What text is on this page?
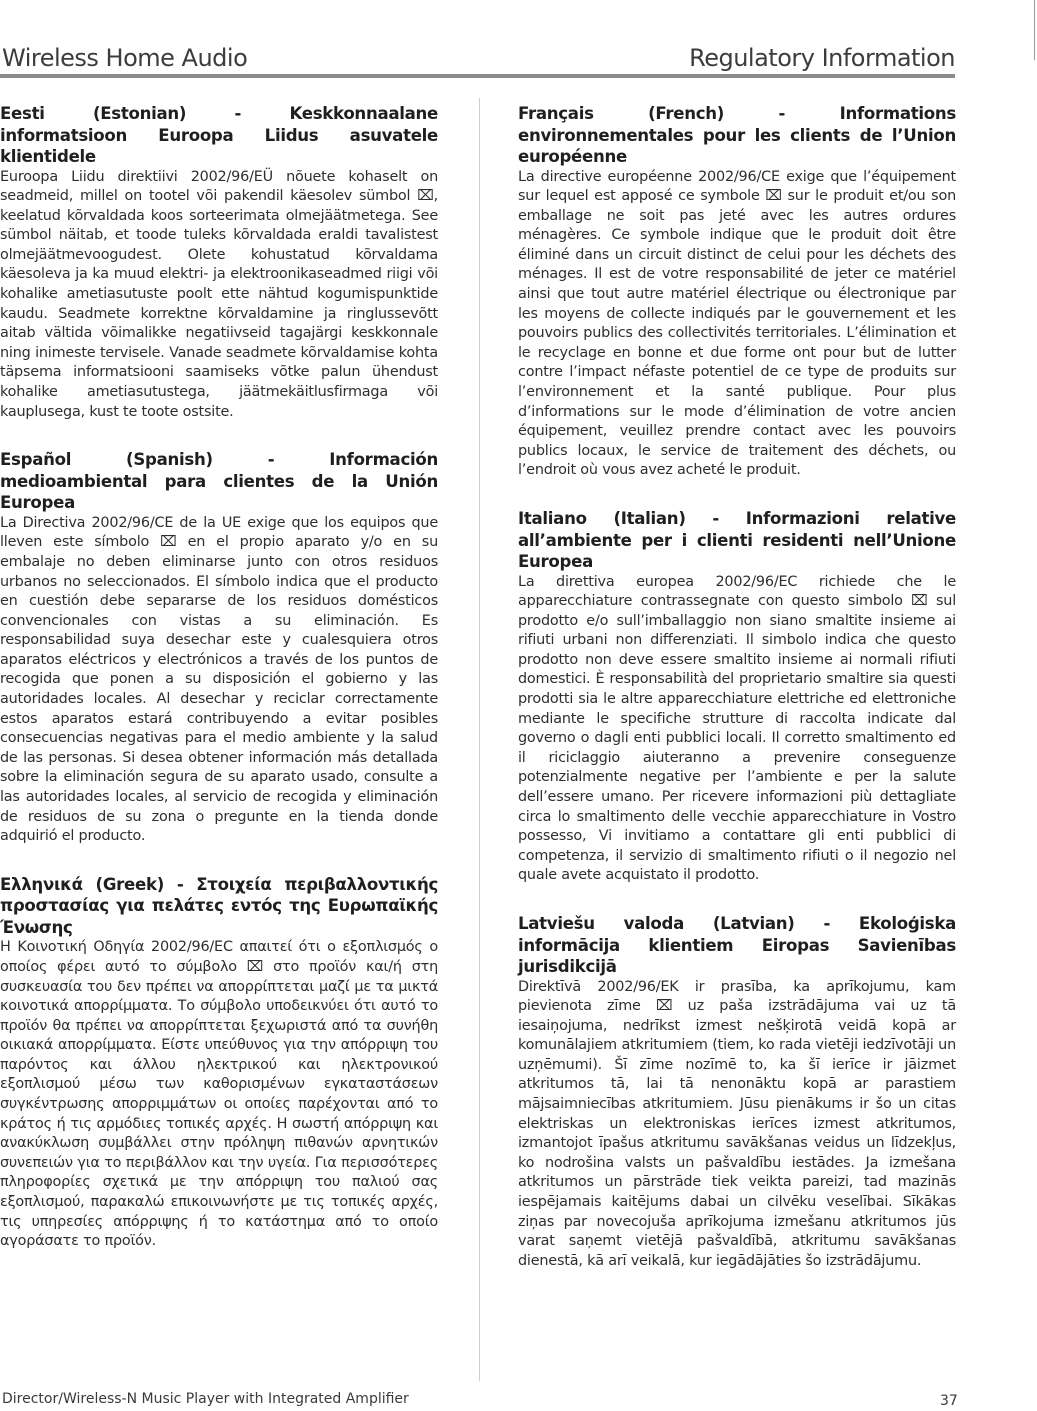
Wireless Home Audio	Regulatory Information
Eesti (Estonian) - Keskkonnaalane informatsioon Euroopa Liidus asuvatele klientidele

Euroopa Liidu direktiivi 2002/96/EÜ nõuete kohaselt on seadmeid, millel on tootel või pakendil käesolev sümbol ⌧, keelatud kõrvaldada koos sorteerimata olmejäätmetega. See sümbol näitab, et toode tuleks kõrvaldada eraldi tavalistest olmejäätmevoogudest. Olete kohustatud kõrvaldama käesoleva ja ka muud elektri- ja elektroonikaseadmed riigi või kohalike ametiasutuste poolt ette nähtud kogumispunktide kaudu. Seadmete korrektne kõrvaldamine ja ringlussevõtt aitab vältida võimalikke negatiivseid tagajärgi keskkonnale ning inimeste tervisele. Vanade seadmete kõrvaldamise kohta täpsema informatsiooni saamiseks võtke palun ühendust kohalike ametiasutustega, jäätmekäitlusfirmaga või kauplusega, kust te toote ostsite.

Español (Spanish) - Información medioambiental para clientes de la Unión Europea

La Directiva 2002/96/CE de la UE exige que los equipos que lleven este símbolo ⌧ en el propio aparato y/o en su embalaje no deben eliminarse junto con otros residuos urbanos no seleccionados. El símbolo indica que el producto en cuestión debe separarse de los residuos domésticos convencionales con vistas a su eliminación. Es responsabilidad suya desechar este y cualesquiera otros aparatos eléctricos y electrónicos a través de los puntos de recogida que ponen a su disposición el gobierno y las autoridades locales. Al desechar y reciclar correctamente estos aparatos estará contribuyendo a evitar posibles consecuencias negativas para el medio ambiente y la salud de las personas. Si desea obtener información más detallada sobre la eliminación segura de su aparato usado, consulte a las autoridades locales, al servicio de recogida y eliminación de residuos de su zona o pregunte en la tienda donde adquirió el producto.

Ελληνικά (Greek) - Στοιχεία περιβαλλοντικής προστασίας για πελάτες εντός της Ευρωπαϊκής Ένωσης

Η Κοινοτική Οδηγία 2002/96/EC απαιτεί ότι ο εξοπλισμός ο οποίος φέρει αυτό το σύμβολο ⌧ στο προϊόν και/ή στη συσκευασία του δεν πρέπει να απορρίπτεται μαζί με τα μικτά κοινοτικά απορρίμματα. Το σύμβολο υποδεικνύει ότι αυτό το προϊόν θα πρέπει να απορρίπτεται ξεχωριστά από τα συνήθη οικιακά απορρίμματα. Είστε υπεύθυνος για την απόρριψη του παρόντος και άλλου ηλεκτρικού και ηλεκτρονικού εξοπλισμού μέσω των καθορισμένων εγκαταστάσεων συγκέντρωσης απορριμμάτων οι οποίες παρέχονται από το κράτος ή τις αρμόδιες τοπικές αρχές. Η σωστή απόρριψη και ανακύκλωση συμβάλλει στην πρόληψη πιθανών αρνητικών συνεπειών για το περιβάλλον και την υγεία. Για περισσότερες πληροφορίες σχετικά με την απόρριψη του παλιού σας εξοπλισμού, παρακαλώ επικοινωνήστε με τις τοπικές αρχές, τις υπηρεσίες απόρριψης ή το κατάστημα από το οποίο αγοράσατε το προϊόν.

Français (French) - Informations environnementales pour les clients de l’Union européenne

La directive européenne 2002/96/CE exige que l’équipement sur lequel est apposé ce symbole ⌧ sur le produit et/ou son emballage ne soit pas jeté avec les autres ordures ménagères. Ce symbole indique que le produit doit être éliminé dans un circuit distinct de celui pour les déchets des ménages. Il est de votre responsabilité de jeter ce matériel ainsi que tout autre matériel électrique ou électronique par les moyens de collecte indiqués par le gouvernement et les pouvoirs publics des collectivités territoriales. L’élimination et le recyclage en bonne et due forme ont pour but de lutter contre l’impact néfaste potentiel de ce type de produits sur l’environnement et la santé publique. Pour plus d’informations sur le mode d’élimination de votre ancien équipement, veuillez prendre contact avec les pouvoirs publics locaux, le service de traitement des déchets, ou l’endroit où vous avez acheté le produit.

Italiano (Italian) - Informazioni relative all’ambiente per i clienti residenti nell’Unione Europea

La direttiva europea 2002/96/EC richiede che le apparecchiature contrassegnate con questo simbolo ⌧ sul prodotto e/o sull’imballaggio non siano smaltite insieme ai rifiuti urbani non differenziati. Il simbolo indica che questo prodotto non deve essere smaltito insieme ai normali rifiuti domestici. È responsabilità del proprietario smaltire sia questi prodotti sia le altre apparecchiature elettriche ed elettroniche mediante le specifiche strutture di raccolta indicate dal governo o dagli enti pubblici locali. Il corretto smaltimento ed il riciclaggio aiuteranno a prevenire conseguenze potenzialmente negative per l’ambiente e per la salute dell’essere umano. Per ricevere informazioni più dettagliate circa lo smaltimento delle vecchie apparecchiature in Vostro possesso, Vi invitiamo a contattare gli enti pubblici di competenza, il servizio di smaltimento rifiuti o il negozio nel quale avete acquistato il prodotto.

Latviešu valoda (Latvian) - Ekoloģiska informācija klientiem Eiropas Savienības jurisdikcijā

Direktīvā 2002/96/EK ir prasība, ka aprīkojumu, kam pievienota zīme ⌧ uz paša izstrādājuma vai uz tā iesaiņojuma, nedrīkst izmest nešķirotā veidā kopā ar komunālajiem atkritumiem (tiem, ko rada vietēji iedzīvotāji un uzņēmumi). Šī zīme nozīmē to, ka šī ierīce ir jāizmet atkritumos tā, lai tā nenonāktu kopā ar parastiem mājsaimniecības atkritumiem. Jūsu pienākums ir šo un citas elektriskas un elektroniskas ierīces izmest atkritumos, izmantojot īpašus atkritumu savākšanas veidus un līdzekļus, ko nodrošina valsts un pašvaldību iestādes. Ja izmešana atkritumos un pārstrāde tiek veikta pareizi, tad mazinās iespējamais kaitējums dabai un cilvēku veselībai. Sīkākas ziņas par novecojuša aprīkojuma izmešanu atkritumos jūs varat saņemt vietējā pašvaldībā, atkritumu savākšanas dienestā, kā arī veikalā, kur iegādājāties šo izstrādājumu.

Director/Wireless-N Music Player with Integrated Amplifier	37
